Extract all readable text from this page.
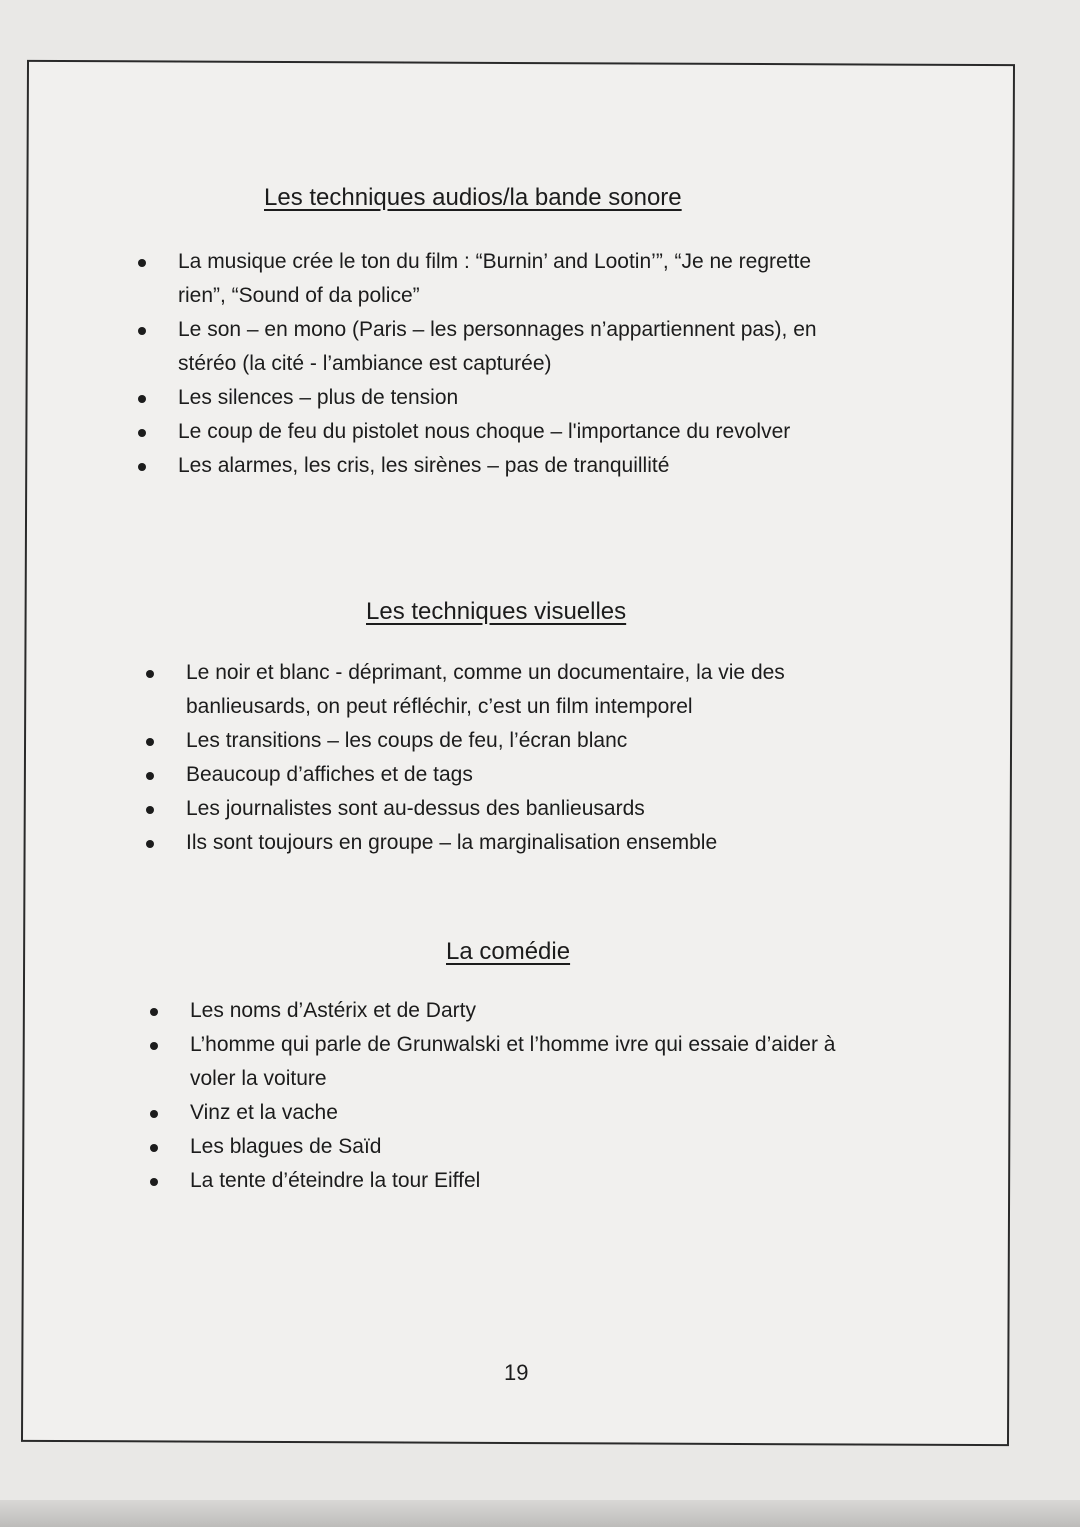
Les techniques audios/la bande sonore
La musique crée le ton du film : “Burnin’ and Lootin’”, “Je ne regrette rien”, “Sound of da police”
Le son – en mono (Paris – les personnages n’appartiennent pas), en stéréo (la cité - l’ambiance est capturée)
Les silences – plus de tension
Le coup de feu du pistolet nous choque – l'importance du revolver
Les alarmes, les cris, les sirènes – pas de tranquillité
Les techniques visuelles
Le noir et blanc - déprimant, comme un documentaire, la vie des banlieusards, on peut réfléchir, c’est un film intemporel
Les transitions – les coups de feu, l’écran blanc
Beaucoup d’affiches et de tags
Les journalistes sont au-dessus des banlieusards
Ils sont toujours en groupe – la marginalisation ensemble
La comédie
Les noms d’Astérix et de Darty
L’homme qui parle de Grunwalski et l’homme ivre qui essaie d’aider à voler la voiture
Vinz et la vache
Les blagues de Saïd
La tente d’éteindre la tour Eiffel
19
